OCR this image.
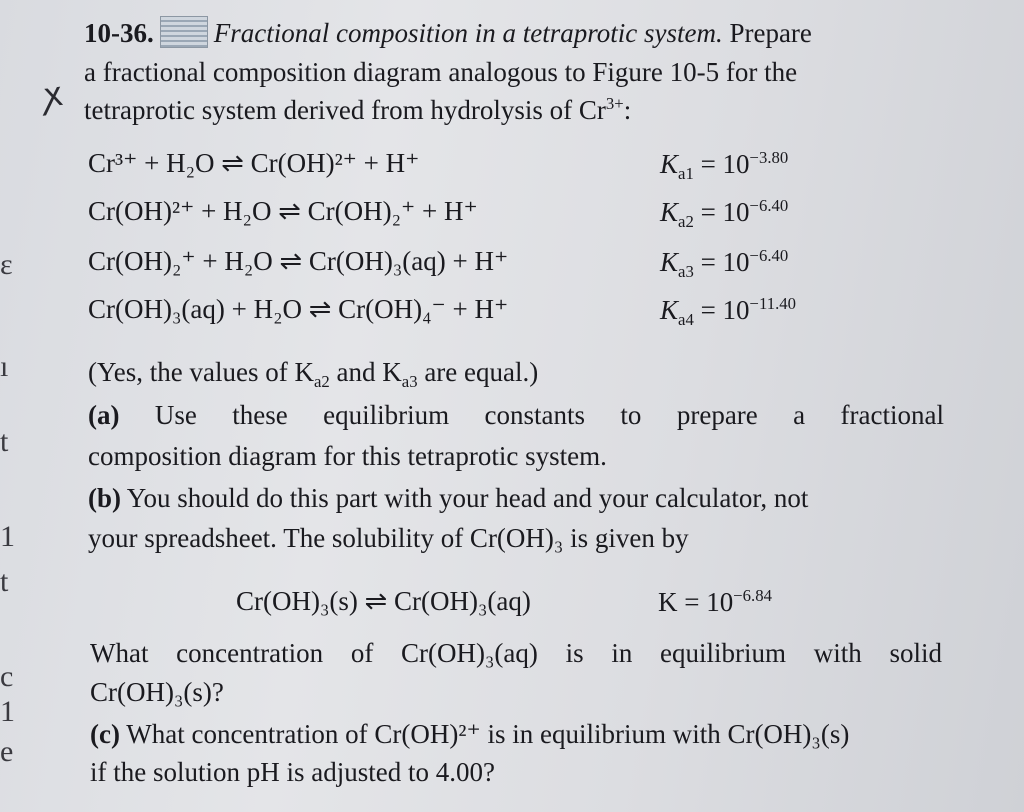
ɛ
ı
t
1
t
c
1
e
ꭗ
10-36. Fractional composition in a tetraprotic system. Prepare
a fractional composition diagram analogous to Figure 10-5 for the
tetraprotic system derived from hydrolysis of $Cr^{3+}$:
Cr³⁺ + H₂O ⇌ Cr(OH)²⁺ + H⁺	$K_{a1} = 10^{-3.80}$
Cr(OH)²⁺ + H₂O ⇌ Cr(OH)₂⁺ + H⁺	$K_{a2} = 10^{-6.40}$
Cr(OH)₂⁺ + H₂O ⇌ Cr(OH)₃(aq) + H⁺	$K_{a3} = 10^{-6.40}$
Cr(OH)₃(aq) + H₂O ⇌ Cr(OH)₄⁻ + H⁺	$K_{a4} = 10^{-11.40}$
(Yes, the values of $K_{a2}$ and $K_{a3}$ are equal.)
(a) Use these equilibrium constants to prepare a fractional
composition diagram for this tetraprotic system.
(b) You should do this part with your head and your calculator, not
your spreadsheet. The solubility of Cr(OH)₃ is given by
Cr(OH)₃(s) ⇌ Cr(OH)₃(aq)	$K = 10^{-6.84}$
What concentration of Cr(OH)₃(aq) is in equilibrium with solid
Cr(OH)₃(s)?
(c) What concentration of Cr(OH)²⁺ is in equilibrium with Cr(OH)₃(s)
if the solution pH is adjusted to 4.00?
